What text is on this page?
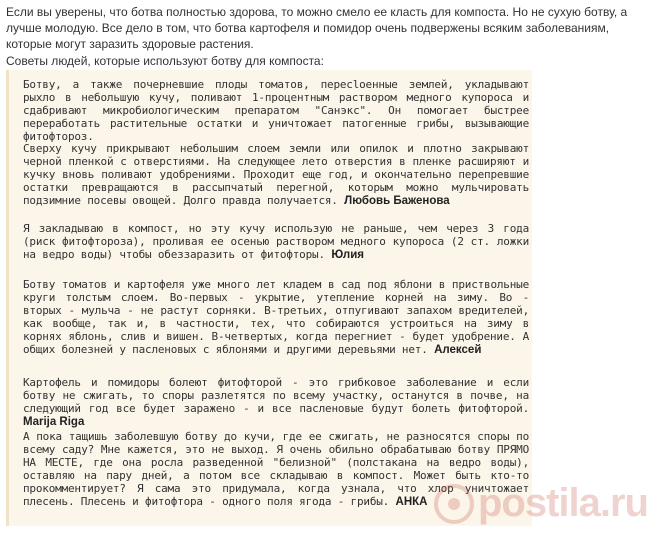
Если вы уверены, что ботва полностью здорова, то можно смело ее класть для компоста. Но не сухую ботву, а лучше молодую. Все дело в том, что ботва картофеля и помидор очень подвержены всяким заболеваниям, которые могут заразить здоровые растения.

Советы людей, которые используют ботву для компоста:

Ботву, а также почерневшие плоды томатов, пересloенные землей, укладывают рыхло в небольшую кучу, поливают 1-процентным раствором медного купороса и сдабривают микробиологическим препаратом "Санэкс". Он помогает быстрее переработать растительные остатки и уничтожает патогенные грибы, вызывающие фитофтороз.

Сверху кучу прикрывают небольшим слоем земли или опилок и плотно закрывают черной пленкой с отверстиями. На следующее лето отверстия в пленке расширяют и кучку вновь поливают удобрениями. Проходит еще год, и окончательно перепревшие остатки превращаются в рассыпчатый перегной, которым можно мульчировать подзимние посевы овощей. Долго правда получается. Любовь Баженова

Я закладываю в компост, но эту кучу использую не раньше, чем через 3 года (риск фитофтороза), проливая ее осенью раствором медного купороса (2 ст. ложки на ведро воды) чтобы обеззаразить от фитофторы. Юлия

Ботву томатов и картофеля уже много лет кладем в сад под яблони в приствольные круги толстым слоем. Во-первых - укрытие, утепление корней на зиму. Во - вторых - мульча - не растут сорняки. В-третьих, отпугивают запахом вредителей, как вообще, так и, в частности, тех, что собираются устроиться на зиму в корнях яблонь, слив и вишен. В-четвертых, когда перегниет - будет удобрение. А общих болезней у пасленовых с яблонями и другими деревьями нет. Алексей

Картофель и помидоры болеют фитофторой - это грибковое заболевание и если ботву не сжигать, то споры разлетятся по всему участку, останутся в почве, на следующий год все будет заражено - и все пасленовые будут болеть фитофторой. Marija Riga

А пока тащишь заболевшую ботву до кучи, где ее сжигать, не разносятся споры по всему саду? Мне кажется, это не выход. Я очень обильно обрабатываю ботву ПРЯМО НА МЕСТЕ, где она росла разведенной "белизной" (полстакана на ведро воды), оставляю на пару дней, а потом все складываю в компост. Может быть кто-то прокомментирует? Я сама это придумала, когда узнала, что хлор уничтожает плесень. Плесень и фитофтора - одного поля ягода - грибы. АНКА	postila.ru
